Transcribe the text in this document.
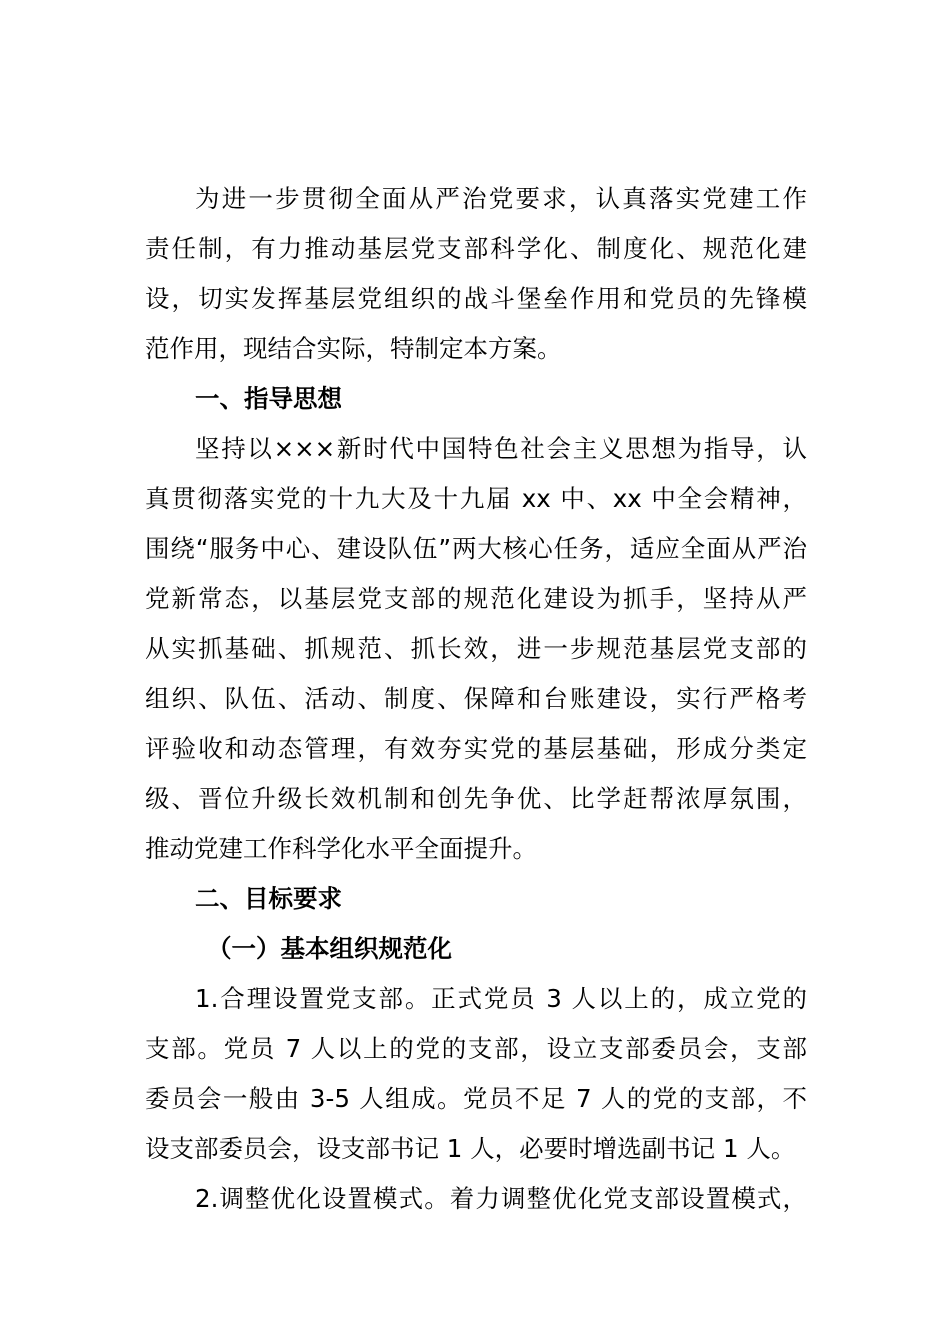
为进一步贯彻全面从严治党要求，认真落实党建工作
责任制，有力推动基层党支部科学化、制度化、规范化建
设，切实发挥基层党组织的战斗堡垒作用和党员的先锋模
范作用，现结合实际，特制定本方案。
一、指导思想
坚持以×××新时代中国特色社会主义思想为指导，认
真贯彻落实党的十九大及十九届 xx 中、xx 中全会精神，
围绕“服务中心、建设队伍”两大核心任务，适应全面从严治
党新常态，以基层党支部的规范化建设为抓手，坚持从严
从实抓基础、抓规范、抓长效，进一步规范基层党支部的
组织、队伍、活动、制度、保障和台账建设，实行严格考
评验收和动态管理，有效夯实党的基层基础，形成分类定
级、晋位升级长效机制和创先争优、比学赶帮浓厚氛围，
推动党建工作科学化水平全面提升。
二、目标要求
（一）基本组织规范化
1.合理设置党支部。正式党员 3 人以上的，成立党的
支部。党员 7 人以上的党的支部，设立支部委员会，支部
委员会一般由 3-5 人组成。党员不足 7 人的党的支部，不
设支部委员会，设支部书记 1 人，必要时增选副书记 1 人。
2.调整优化设置模式。着力调整优化党支部设置模式，
